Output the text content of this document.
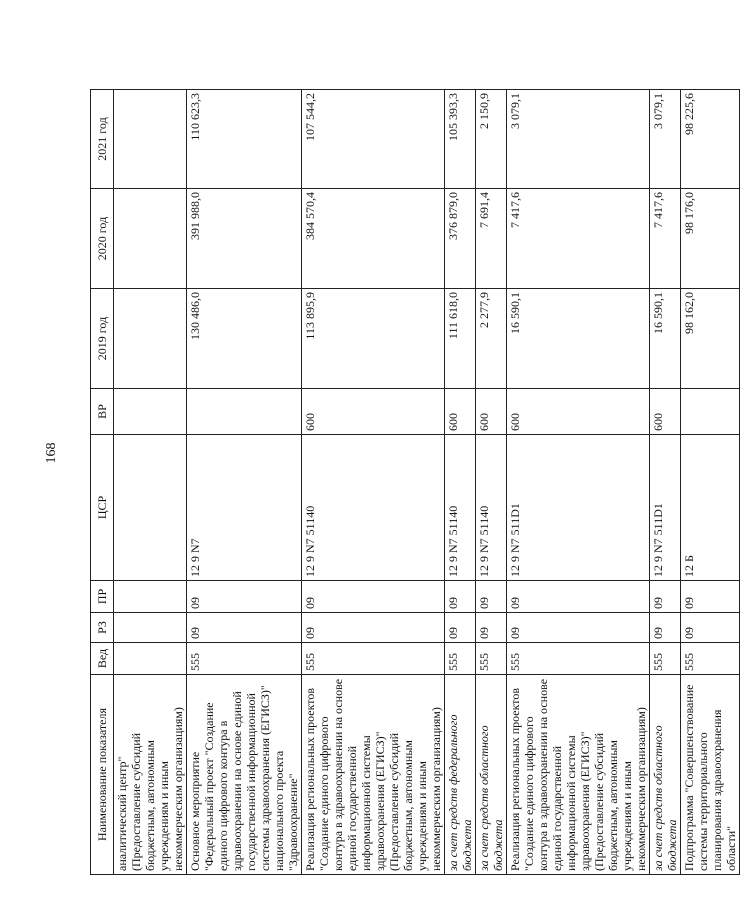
168
Наименование показателя	Вед	РЗ	ПР	ЦСР	ВР	2019 год	2020 год	2021 год
аналитический центр" (Предоставление субсидий бюджетным, автономным учреждениям и иным некоммерческим организациям)								
Основное мероприятие "Федеральный проект "Создание единого цифрового контура в здравоохранении на основе единой государственной информационной системы здравоохранения (ЕГИСЗ)" национального проекта "Здравоохранение"	555	09	09	12 9 N7		130 486,0	391 988,0	110 623,3
Реализация региональных проектов "Создание единого цифрового контура в здравоохранении на основе единой государственной информационной системы здравоохранения (ЕГИСЗ)" (Предоставление субсидий бюджетным, автономным учреждениям и иным некоммерческим организациям)	555	09	09	12 9 N7 51140	600	113 895,9	384 570,4	107 544,2
за счет средств федерального бюджета	555	09	09	12 9 N7 51140	600	111 618,0	376 879,0	105 393,3
за счет средств областного бюджета	555	09	09	12 9 N7 51140	600	2 277,9	7 691,4	2 150,9
Реализация региональных проектов "Создание единого цифрового контура в здравоохранении на основе единой государственной информационной системы здравоохранения (ЕГИСЗ)" (Предоставление субсидий бюджетным, автономным учреждениям и иным некоммерческим организациям)	555	09	09	12 9 N7 511D1	600	16 590,1	7 417,6	3 079,1
за счет средств областного бюджета	555	09	09	12 9 N7 511D1	600	16 590,1	7 417,6	3 079,1
Подпрограмма "Совершенствование системы территориального планирования здравоохранения области"	555	09	09	12 Б		98 162,0	98 176,0	98 225,6
